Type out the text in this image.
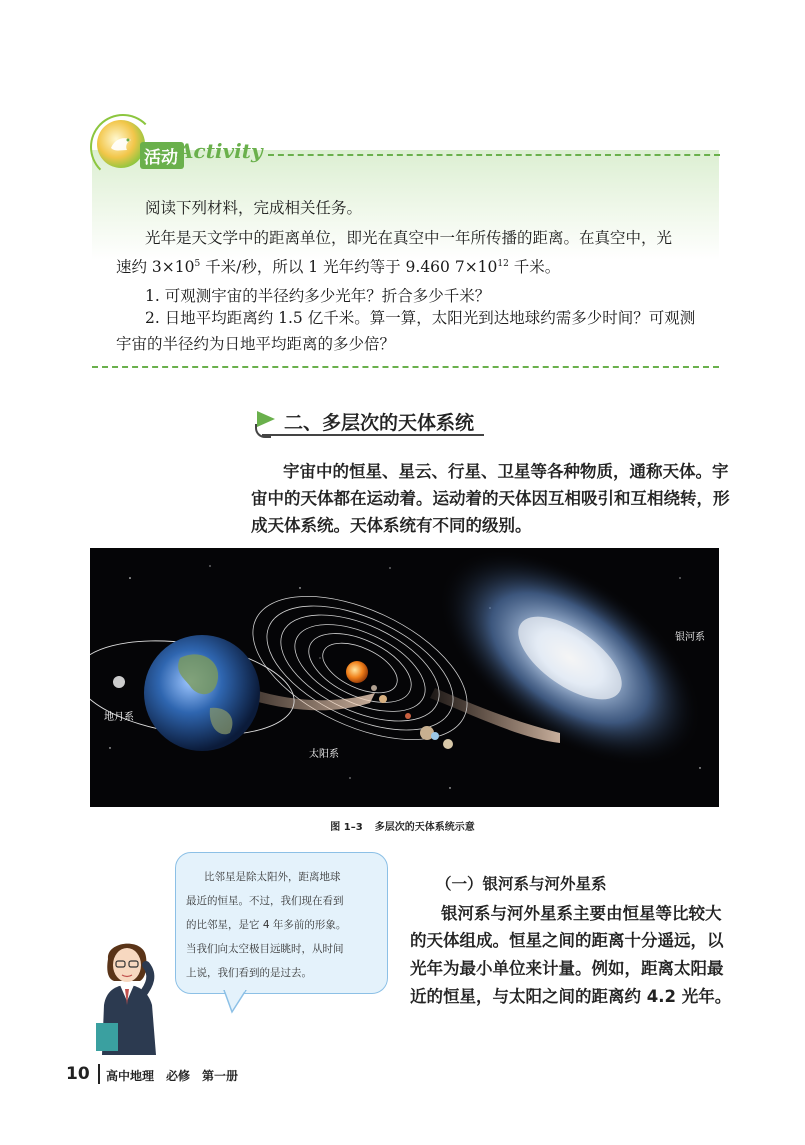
活动 Activity
阅读下列材料，完成相关任务。
光年是天文学中的距离单位，即光在真空中一年所传播的距离。在真空中，光
速约 $3\times 10^5$ 千米/秒，所以 1 光年约等于 9.460 $7\times 10^{12}$ 千米。
1. 可观测宇宙的半径约多少光年？折合多少千米？
2. 日地平均距离约 1.5 亿千米。算一算，太阳光到达地球约需多少时间？可观测
宇宙的半径约为日地平均距离的多少倍？
二、多层次的天体系统
宇宙中的恒星、星云、行星、卫星等各种物质，通称天体。宇
宙中的天体都在运动着。运动着的天体因互相吸引和互相绕转，形
成天体系统。天体系统有不同的级别。
地月系
太阳系
银河系
图 1–3 多层次的天体系统示意
比邻星是除太阳外，距离地球
最近的恒星。不过，我们现在看到
的比邻星，是它 4 年多前的形象。
当我们向太空极目远眺时，从时间
上说，我们看到的是过去。
（一）银河系与河外星系
银河系与河外星系主要由恒星等比较大
的天体组成。恒星之间的距离十分遥远，以
光年为最小单位来计量。例如，距离太阳最
近的恒星，与太阳之间的距离约 4.2 光年。
10 高中地理　必修　第一册
